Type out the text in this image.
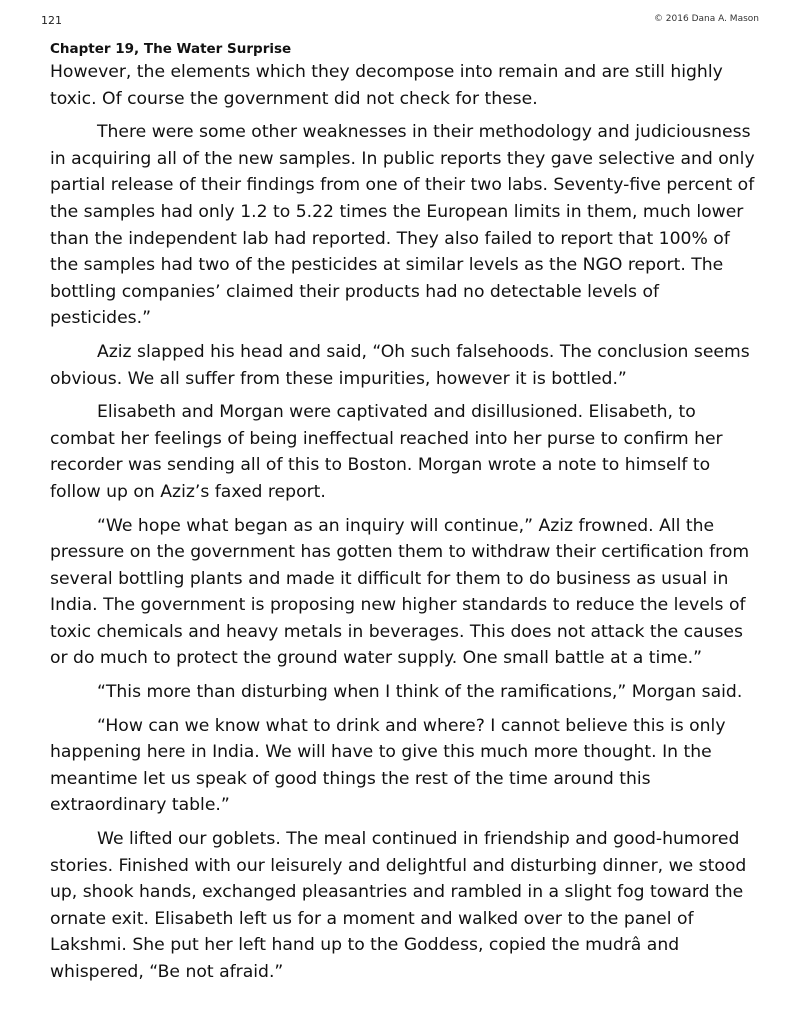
121	© 2016 Dana A. Mason
Chapter 19, The Water Surprise

However, the elements which they decompose into remain and are still highly toxic. Of course the government did not check for these.

There were some other weaknesses in their methodology and judiciousness in acquiring all of the new samples. In public reports they gave selective and only partial release of their findings from one of their two labs. Seventy-five percent of the samples had only 1.2 to 5.22 times the European limits in them, much lower than the independent lab had reported. They also failed to report that 100% of the samples had two of the pesticides at similar levels as the NGO report. The bottling companies’ claimed their products had no detectable levels of pesticides.”

Aziz slapped his head and said, “Oh such falsehoods. The conclusion seems obvious. We all suffer from these impurities, however it is bottled.”

Elisabeth and Morgan were captivated and disillusioned. Elisabeth, to combat her feelings of being ineffectual reached into her purse to confirm her recorder was sending all of this to Boston. Morgan wrote a note to himself to follow up on Aziz’s faxed report.

“We hope what began as an inquiry will continue,” Aziz frowned. All the pressure on the government has gotten them to withdraw their certification from several bottling plants and made it difficult for them to do business as usual in India. The government is proposing new higher standards to reduce the levels of toxic chemicals and heavy metals in beverages. This does not attack the causes or do much to protect the ground water supply. One small battle at a time.”

“This more than disturbing when I think of the ramifications,” Morgan said.

“How can we know what to drink and where? I cannot believe this is only happening here in India. We will have to give this much more thought. In the meantime let us speak of good things the rest of the time around this extraordinary table.”

We lifted our goblets. The meal continued in friendship and good-humored stories. Finished with our leisurely and delightful and disturbing dinner, we stood up, shook hands, exchanged pleasantries and rambled in a slight fog toward the ornate exit. Elisabeth left us for a moment and walked over to the panel of Lakshmi. She put her left hand up to the Goddess, copied the mudrâ and whispered, “Be not afraid.”
